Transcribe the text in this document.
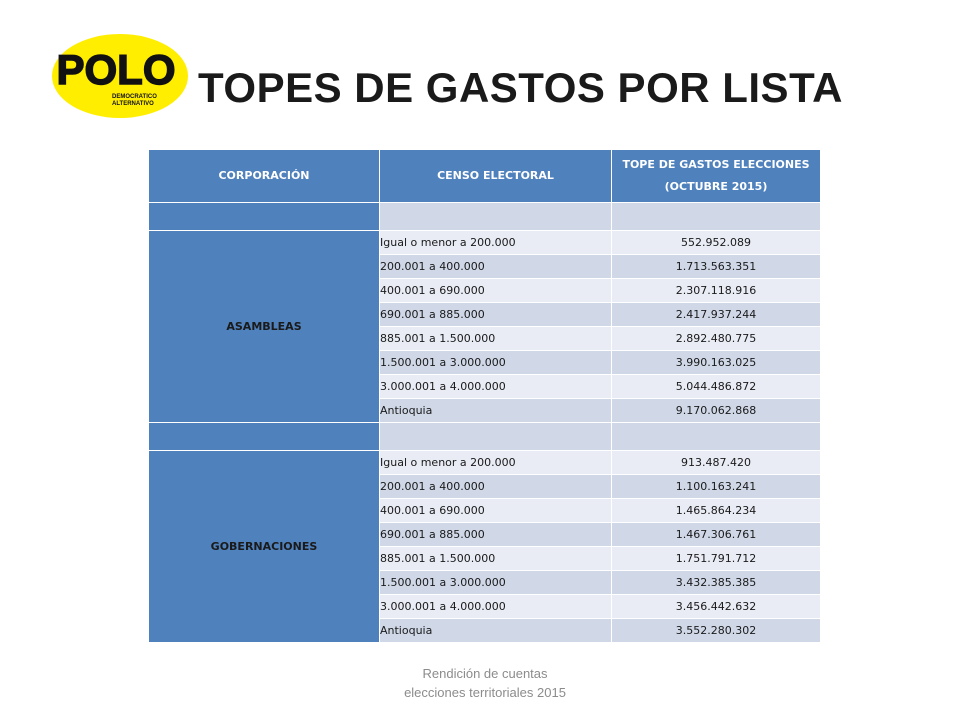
POLO
DEMOCRATICO
ALTERNATIVO TOPES DE GASTOS POR LISTA
CORPORACIÓN	CENSO ELECTORAL	TOPE DE GASTOS ELECCIONES
(OCTUBRE 2015)

ASAMBLEAS	Igual o menor a 200.000	552.952.089
	200.001 a 400.000	1.713.563.351
	400.001 a 690.000	2.307.118.916
	690.001 a 885.000	2.417.937.244
	885.001 a 1.500.000	2.892.480.775
	1.500.001 a 3.000.000	3.990.163.025
	3.000.001 a 4.000.000	5.044.486.872
	Antioquia	9.170.062.868

GOBERNACIONES	Igual o menor a 200.000	913.487.420
	200.001 a 400.000	1.100.163.241
	400.001 a 690.000	1.465.864.234
	690.001 a 885.000	1.467.306.761
	885.001 a 1.500.000	1.751.791.712
	1.500.001 a 3.000.000	3.432.385.385
	3.000.001 a 4.000.000	3.456.442.632
	Antioquia	3.552.280.302
Rendición de cuentas
elecciones territoriales 2015
